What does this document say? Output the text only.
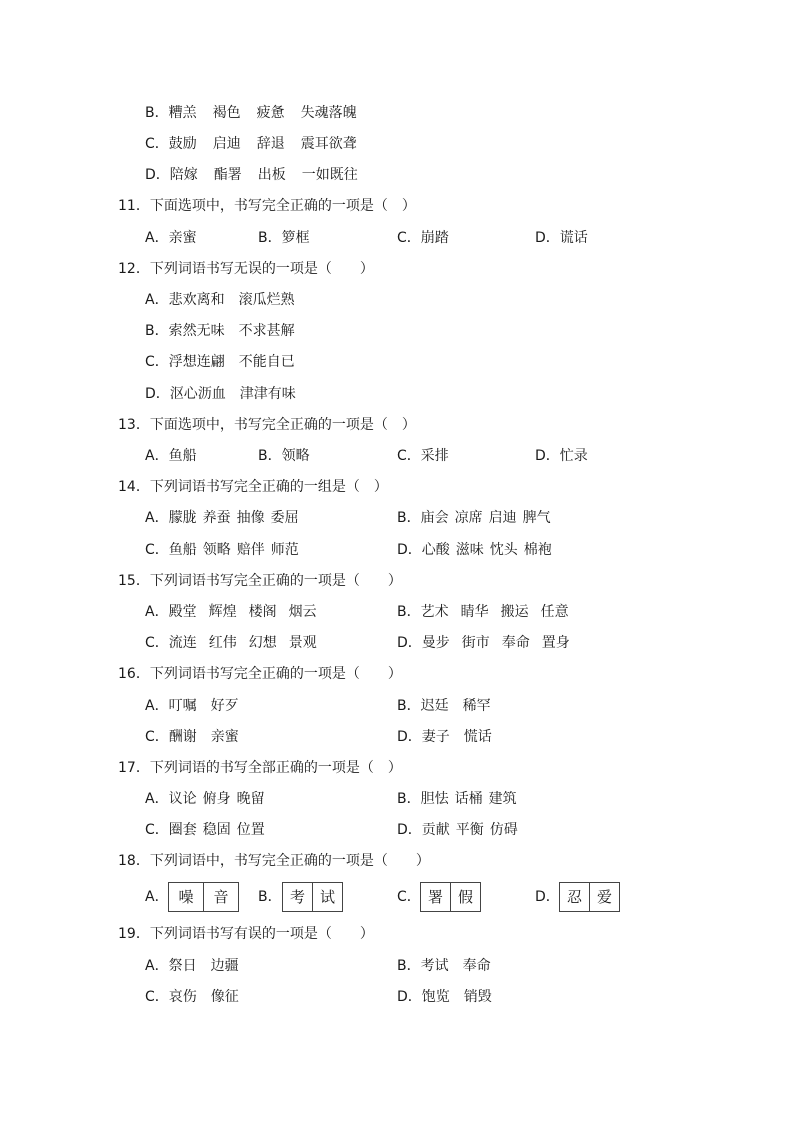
B．糟羔 褐色 疲惫 失魂落魄
C．鼓励 启迪 辞退 震耳欲聋
D．陪嫁 酯署 出板 一如既往
11．下面选项中，书写完全正确的一项是（　）
A．亲蜜	B．箩框	C．崩踏	D．谎话
12．下列词语书写无误的一项是（　　）
A．悲欢离和 滚瓜烂熟
B．索然无味 不求甚解
C．浮想连翩 不能自已
D．沤心沥血 津津有味
13．下面选项中，书写完全正确的一项是（　）
A．鱼船	B．领略	C．采排	D．忙录
14．下列词语书写完全正确的一组是（　）
A．朦胧 养蚕 抽像 委屈	B．庙会 凉席 启迪 脾气
C．鱼船 领略 赔伴 师范	D．心酸 滋味 忱头 棉袍
15．下列词语书写完全正确的一项是（　　）
A．殿堂 辉煌 楼阁 烟云	B．艺术 睛华 搬运 任意
C．流连 红伟 幻想 景观	D．曼步 街市 奉命 置身
16．下列词语书写完全正确的一项是（　　）
A．叮嘱 好歹	B．迟廷 稀罕
C．酬谢 亲蜜	D．妻子 慌话
17．下列词语的书写全部正确的一项是（　）
A．议论 俯身 晚留	B．胆怯 话桶 建筑
C．圈套 稳固 位置	D．贡献 平衡 仿碍
18．下列词语中，书写完全正确的一项是（　　）
A． 噪	音	B． 考 试	C． 署 假	D． 忍 爱
19．下列词语书写有误的一项是（　　）
A．祭日 边疆	B．考试 奉命
C．哀伤 像征	D．饱览 销毁
